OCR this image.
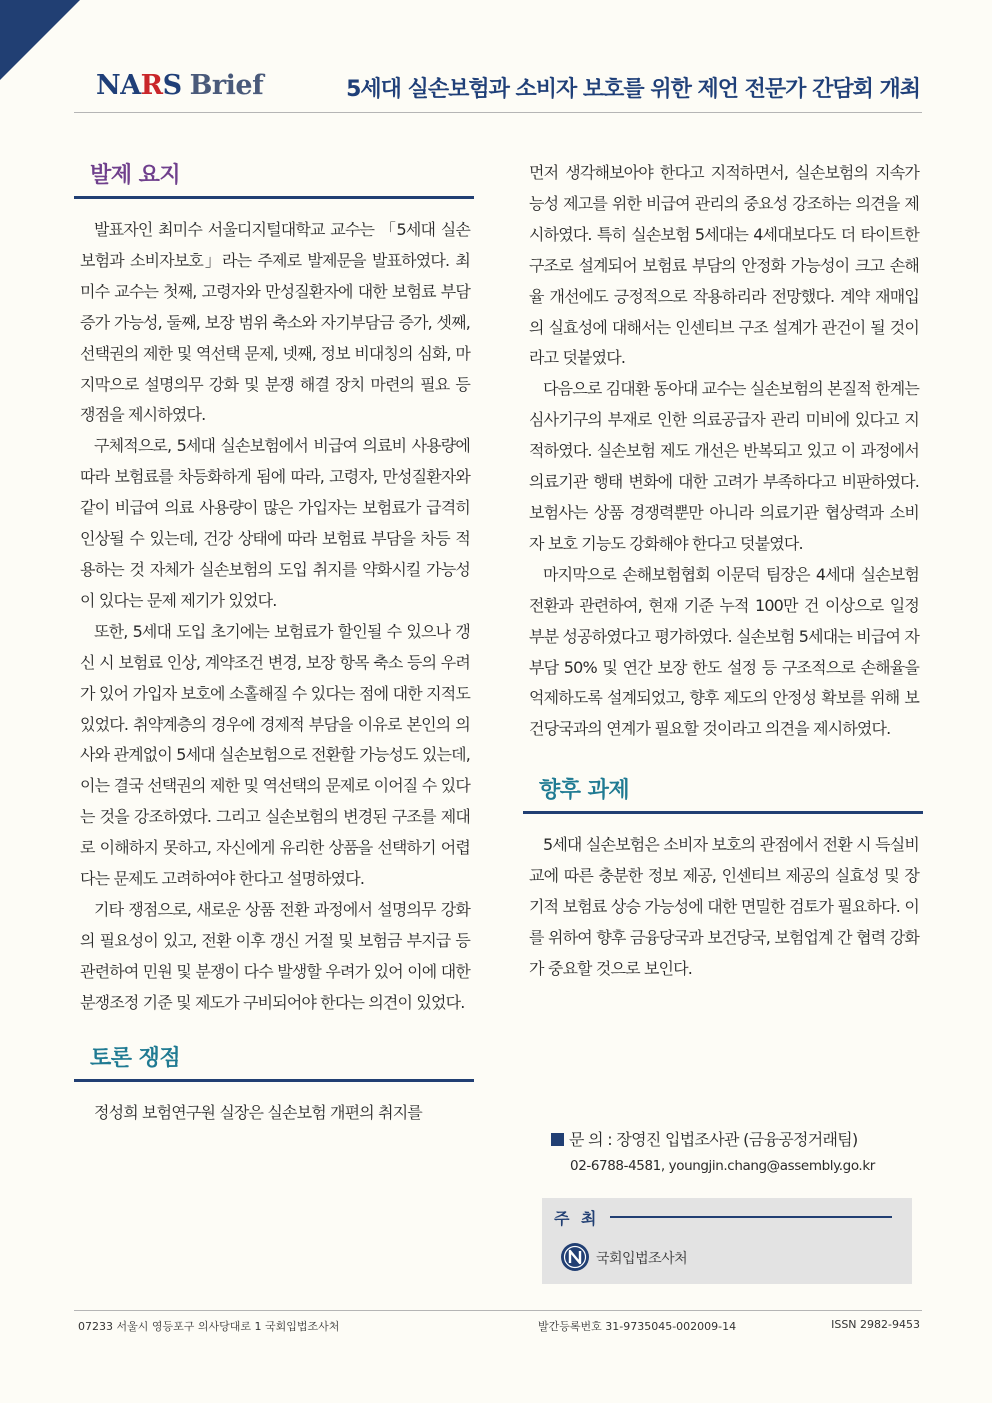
NARS Brief	5세대 실손보험과 소비자 보호를 위한 제언 전문가 간담회 개최
발제 요지

발표자인 최미수 서울디지털대학교 교수는 「5세대 실손보험과 소비자보호」라는 주제로 발제문을 발표하였다. 최미수 교수는 첫째, 고령자와 만성질환자에 대한 보험료 부담 증가 가능성, 둘째, 보장 범위 축소와 자기부담금 증가, 셋째, 선택권의 제한 및 역선택 문제, 넷째, 정보 비대칭의 심화, 마지막으로 설명의무 강화 및 분쟁 해결 장치 마련의 필요 등 쟁점을 제시하였다.

구체적으로, 5세대 실손보험에서 비급여 의료비 사용량에 따라 보험료를 차등화하게 됨에 따라, 고령자, 만성질환자와 같이 비급여 의료 사용량이 많은 가입자는 보험료가 급격히 인상될 수 있는데, 건강 상태에 따라 보험료 부담을 차등 적용하는 것 자체가 실손보험의 도입 취지를 약화시킬 가능성이 있다는 문제 제기가 있었다.

또한, 5세대 도입 초기에는 보험료가 할인될 수 있으나 갱신 시 보험료 인상, 계약조건 변경, 보장 항목 축소 등의 우려가 있어 가입자 보호에 소홀해질 수 있다는 점에 대한 지적도 있었다. 취약계층의 경우에 경제적 부담을 이유로 본인의 의사와 관계없이 5세대 실손보험으로 전환할 가능성도 있는데, 이는 결국 선택권의 제한 및 역선택의 문제로 이어질 수 있다는 것을 강조하였다. 그리고 실손보험의 변경된 구조를 제대로 이해하지 못하고, 자신에게 유리한 상품을 선택하기 어렵다는 문제도 고려하여야 한다고 설명하였다.

기타 쟁점으로, 새로운 상품 전환 과정에서 설명의무 강화의 필요성이 있고, 전환 이후 갱신 거절 및 보험금 부지급 등 관련하여 민원 및 분쟁이 다수 발생할 우려가 있어 이에 대한 분쟁조정 기준 및 제도가 구비되어야 한다는 의견이 있었다.

토론 쟁점

정성희 보험연구원 실장은 실손보험 개편의 취지를

먼저 생각해보아야 한다고 지적하면서, 실손보험의 지속가능성 제고를 위한 비급여 관리의 중요성 강조하는 의견을 제시하였다. 특히 실손보험 5세대는 4세대보다도 더 타이트한 구조로 설계되어 보험료 부담의 안정화 가능성이 크고 손해율 개선에도 긍정적으로 작용하리라 전망했다. 계약 재매입의 실효성에 대해서는 인센티브 구조 설계가 관건이 될 것이라고 덧붙였다.

다음으로 김대환 동아대 교수는 실손보험의 본질적 한계는 심사기구의 부재로 인한 의료공급자 관리 미비에 있다고 지적하였다. 실손보험 제도 개선은 반복되고 있고 이 과정에서 의료기관 행태 변화에 대한 고려가 부족하다고 비판하였다. 보험사는 상품 경쟁력뿐만 아니라 의료기관 협상력과 소비자 보호 기능도 강화해야 한다고 덧붙였다.

마지막으로 손해보험협회 이문덕 팀장은 4세대 실손보험 전환과 관련하여, 현재 기준 누적 100만 건 이상으로 일정 부분 성공하였다고 평가하였다. 실손보험 5세대는 비급여 자부담 50% 및 연간 보장 한도 설정 등 구조적으로 손해율을 억제하도록 설계되었고, 향후 제도의 안정성 확보를 위해 보건당국과의 연계가 필요할 것이라고 의견을 제시하였다.

향후 과제

5세대 실손보험은 소비자 보호의 관점에서 전환 시 득실비교에 따른 충분한 정보 제공, 인센티브 제공의 실효성 및 장기적 보험료 상승 가능성에 대한 면밀한 검토가 필요하다. 이를 위하여 향후 금융당국과 보건당국, 보험업계 간 협력 강화가 중요할 것으로 보인다.

문 의 : 장영진 입법조사관 (금융공정거래팀)
02-6788-4581, youngjin.chang@assembly.go.kr
주 최
국회입법조사처
07233 서울시 영등포구 의사당대로 1 국회입법조사처	발간등록번호 31-9735045-002009-14	ISSN 2982-9453
